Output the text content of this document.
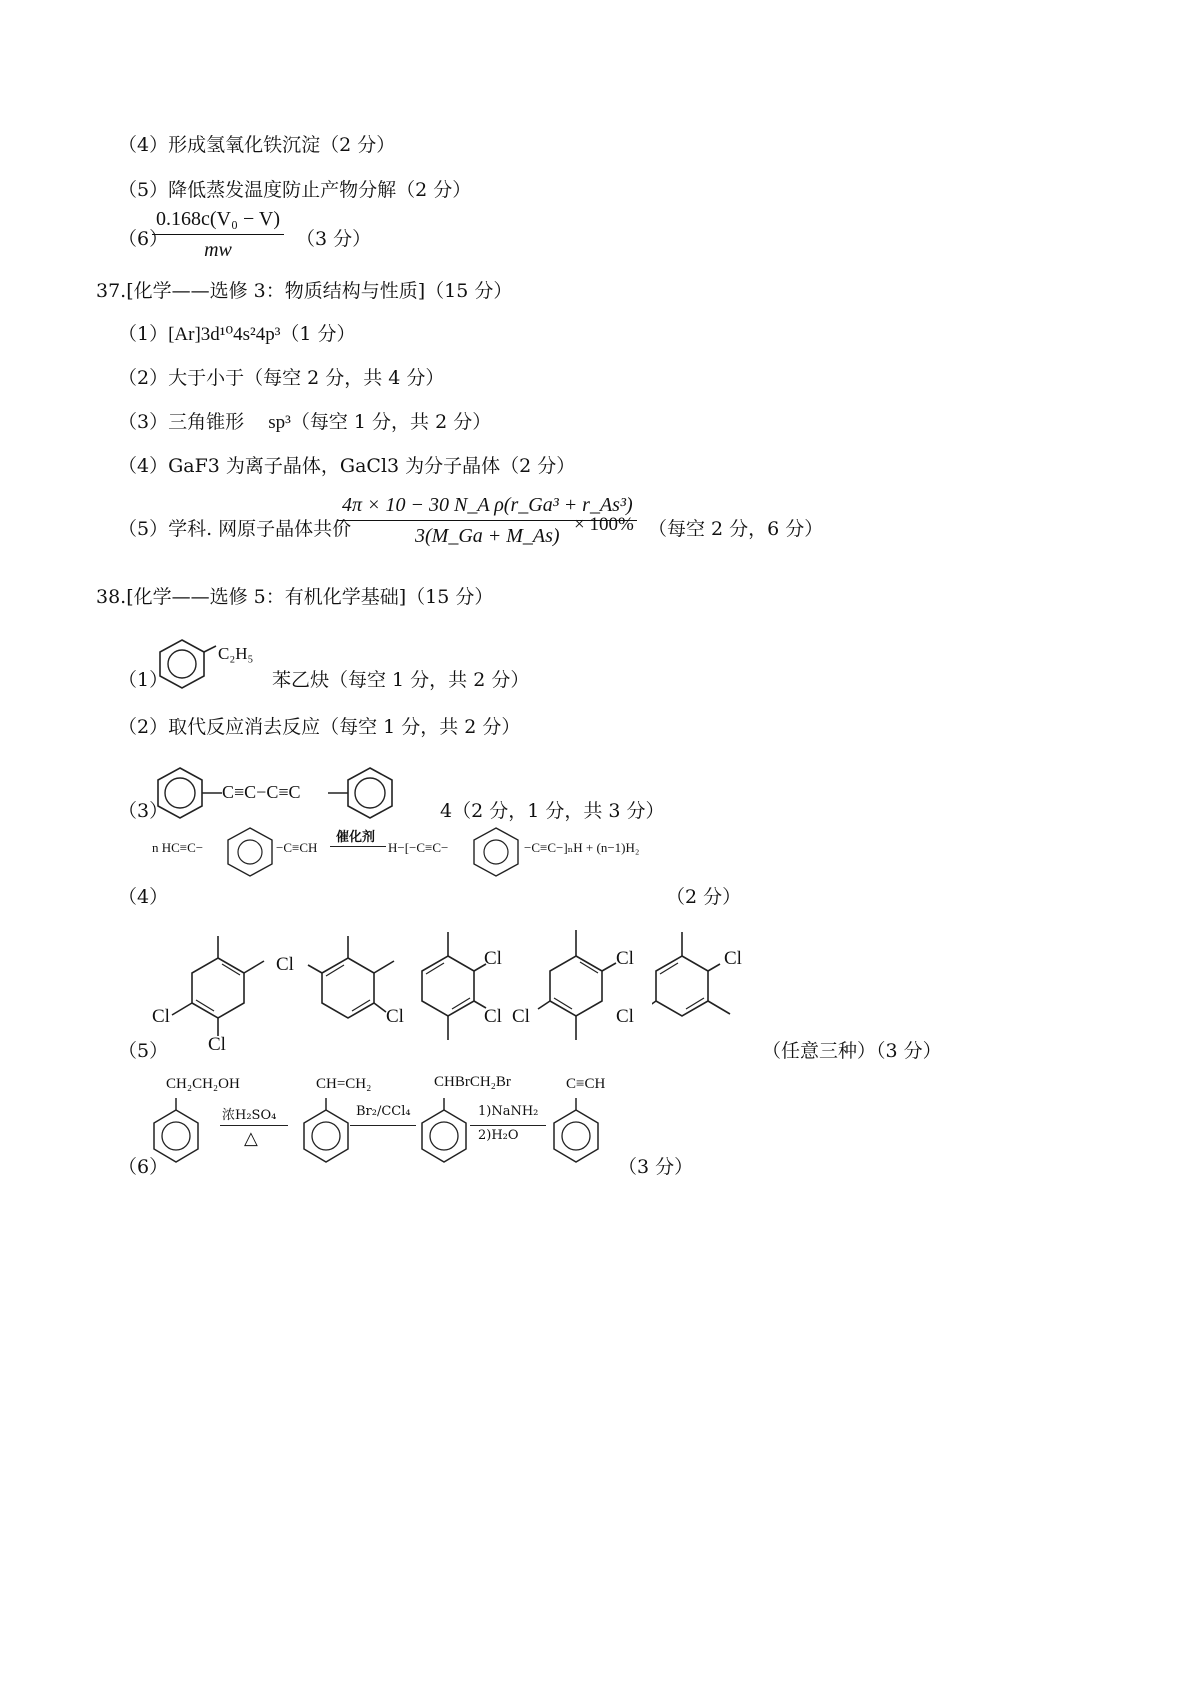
（4）形成氢氧化铁沉淀（2 分）
（5）降低蒸发温度防止产物分解（2 分）
（6）
$\frac{\text{0.168c(V₀ − V)}}{mw} (3$ 分）
37.[化学——选修 3：物质结构与性质]（15 分）
（1）[Ar]3d¹⁰4s²4p³（1 分）
（2）大于小于（每空 2 分，共 4 分）
（3）三角锥形 sp³（每空 1 分，共 2 分）
（4）GaF3 为离子晶体，GaCl3 为分子晶体（2 分）
（5）学科. 网原子晶体共价
$\frac{\text{4π × 10 − 30 N\_A ρ(r\_Ga³ + r\_As³)}}{3(M\_Ga + M\_As)}$
× 100% （每空 2 分，6 分）
38.[化学——选修 5：有机化学基础]（15 分）
（1）
C₂H₅
苯乙炔（每空 1 分，共 2 分）
（2）取代反应消去反应（每空 1 分，共 2 分）
（3）
C≡C−C≡C
4（2 分，1 分，共 3 分）
（4）
n HC≡C−	−C≡CH
催化剂
H−[−C≡C−	−C≡C−]ₙH + (n−1)H₂
（2 分）
（5）
Cl
Cl
Cl
Cl
Cl
Cl
Cl
Cl
Cl
Cl
（任意三种）（3 分）
（6）
CH₂CH₂OH
浓H₂SO₄
△
CH=CH₂
Br₂/CCl₄
CHBrCH₂Br
1)NaNH₂
2)H₂O
C≡CH
（3 分）
